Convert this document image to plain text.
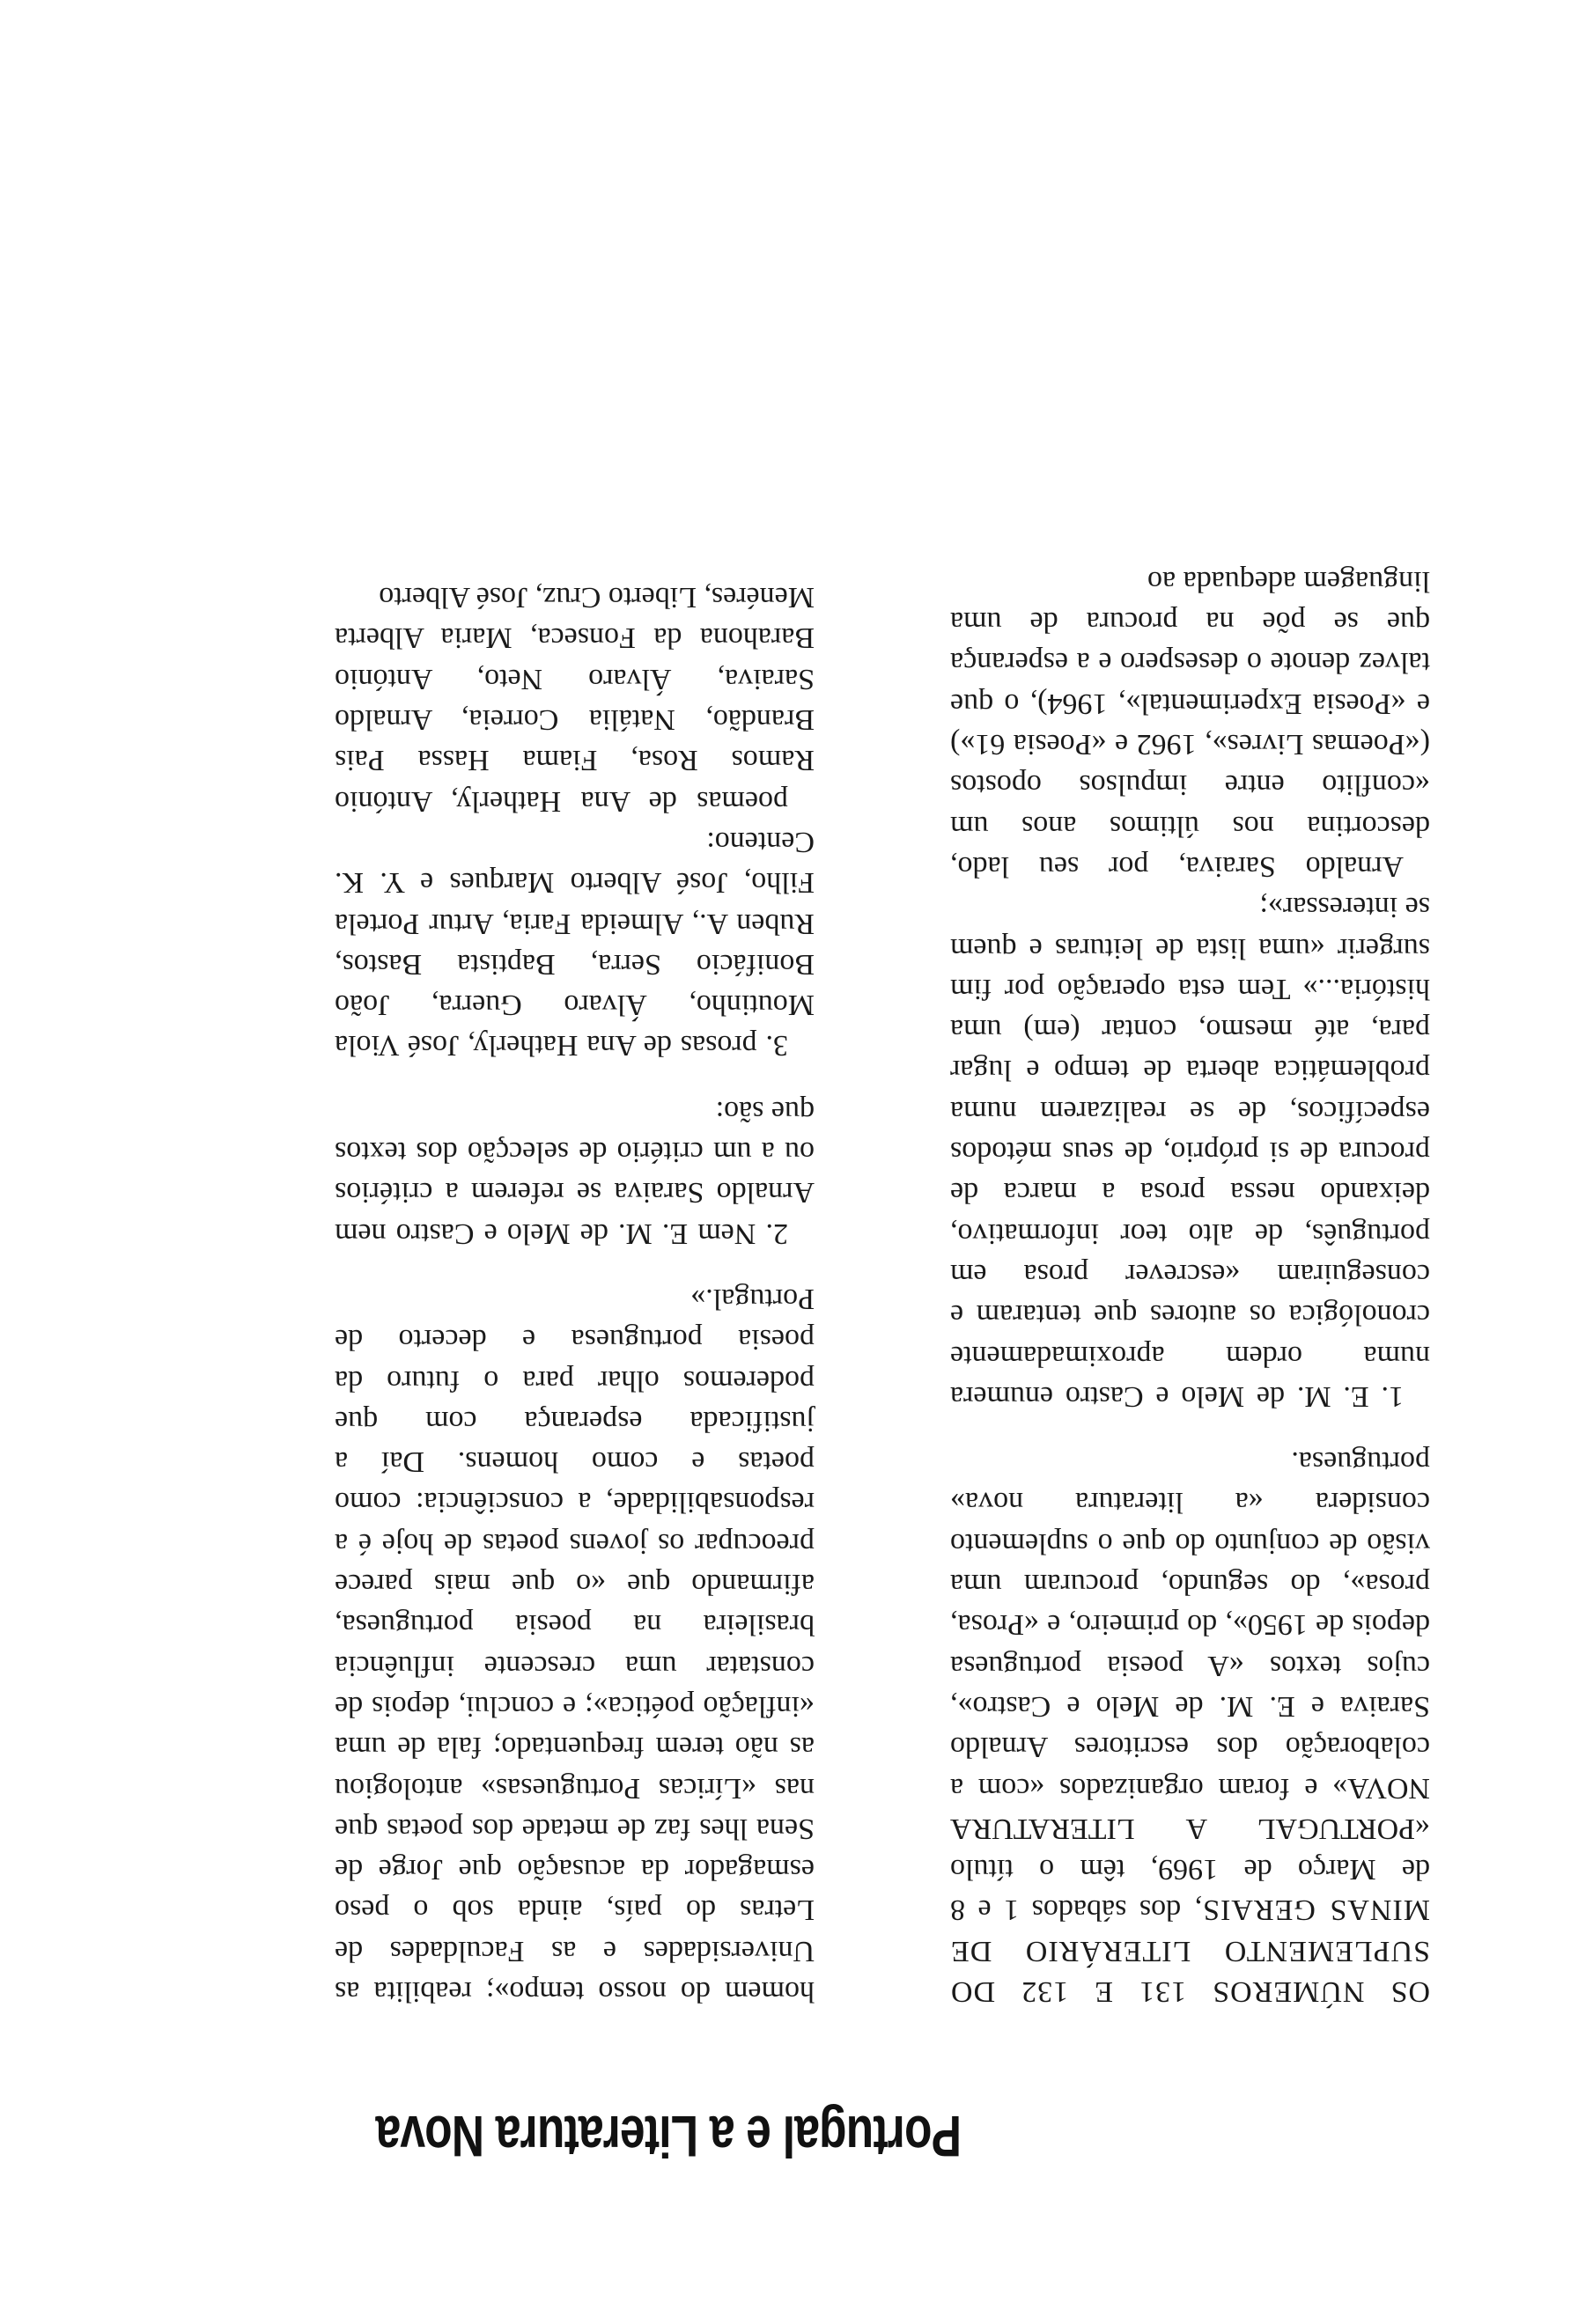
Portugal e a Literatura Nova

OS NÚMEROS 131 E 132 DO SUPLEMENTO LITERÁRIO DE MINAS GERAIS, dos sábados 1 e 8 de Março de 1969, têm o título «PORTUGAL A LITERATURA NOVA» e foram organizados «com a colaboração dos escritores Arnaldo Saraiva e E. M. de Melo e Castro», cujos textos «A poesia portuguesa depois de 1950», do primeiro, e «Prosa, prosa», do segundo, procuram uma visão de conjunto do que o suplemento considera «a literatura nova» portuguesa.

1. E. M. de Melo e Castro enumera numa ordem aproximadamente cronológica os autores que tentaram e conseguiram «escrever prosa em português, de alto teor informativo, deixando nessa prosa a marca de procura de si próprio, de seus métodos específicos, de se realizarem numa problemática aberta de tempo e lugar para, até mesmo, contar (em) uma história...» Tem esta operação por fim surgerir «uma lista de leituras e quem se interessar»;

Arnaldo Saraiva, por seu lado, descortina nos últimos anos um «conflito entre impulsos opostos («Poemas Livres», 1962 e «Poesia 61») e «Poesia Experimental», 1964), o que talvez denote o desespero e a esperança que se põe na procura de uma linguagem adequada ao

homem do nosso tempo»; reabilita as Universidades e as Faculdades de Letras do país, ainda sob o peso esmagador da acusação que Jorge de Sena lhes faz de metade dos poetas que nas «Líricas Portuguesas» antologiou as não terem frequentado; fala de uma «inflação poética»; e conclui, depois de constatar uma crescente influência brasileira na poesia portuguesa, afirmando que «o que mais parece preocupar os jovens poetas de hoje é a responsabilidade, a consciência: como poetas e como homens. Daí a justificada esperança com que poderemos olhar para o futuro da poesia portuguesa e decerto de Portugal.»

2. Nem E. M. de Melo e Castro nem Arnaldo Saraiva se referem a critérios ou a um critério de selecção dos textos que são:

3. prosas de Ana Hatherly, José Viola Moutinho, Álvaro Guerra, João Bonifácio Serra, Baptista Bastos, Ruben A., Almeida Faria, Artur Portela Filho, José Alberto Marques e Y. K. Centeno:

poemas de Ana Hatherly, António Ramos Rosa, Fiama Hassa Pais Brandão, Natália Correia, Arnaldo Saraiva, Álvaro Neto, António Barahona da Fonseca, Maria Alberta Menéres, Liberto Cruz, José Alberto
